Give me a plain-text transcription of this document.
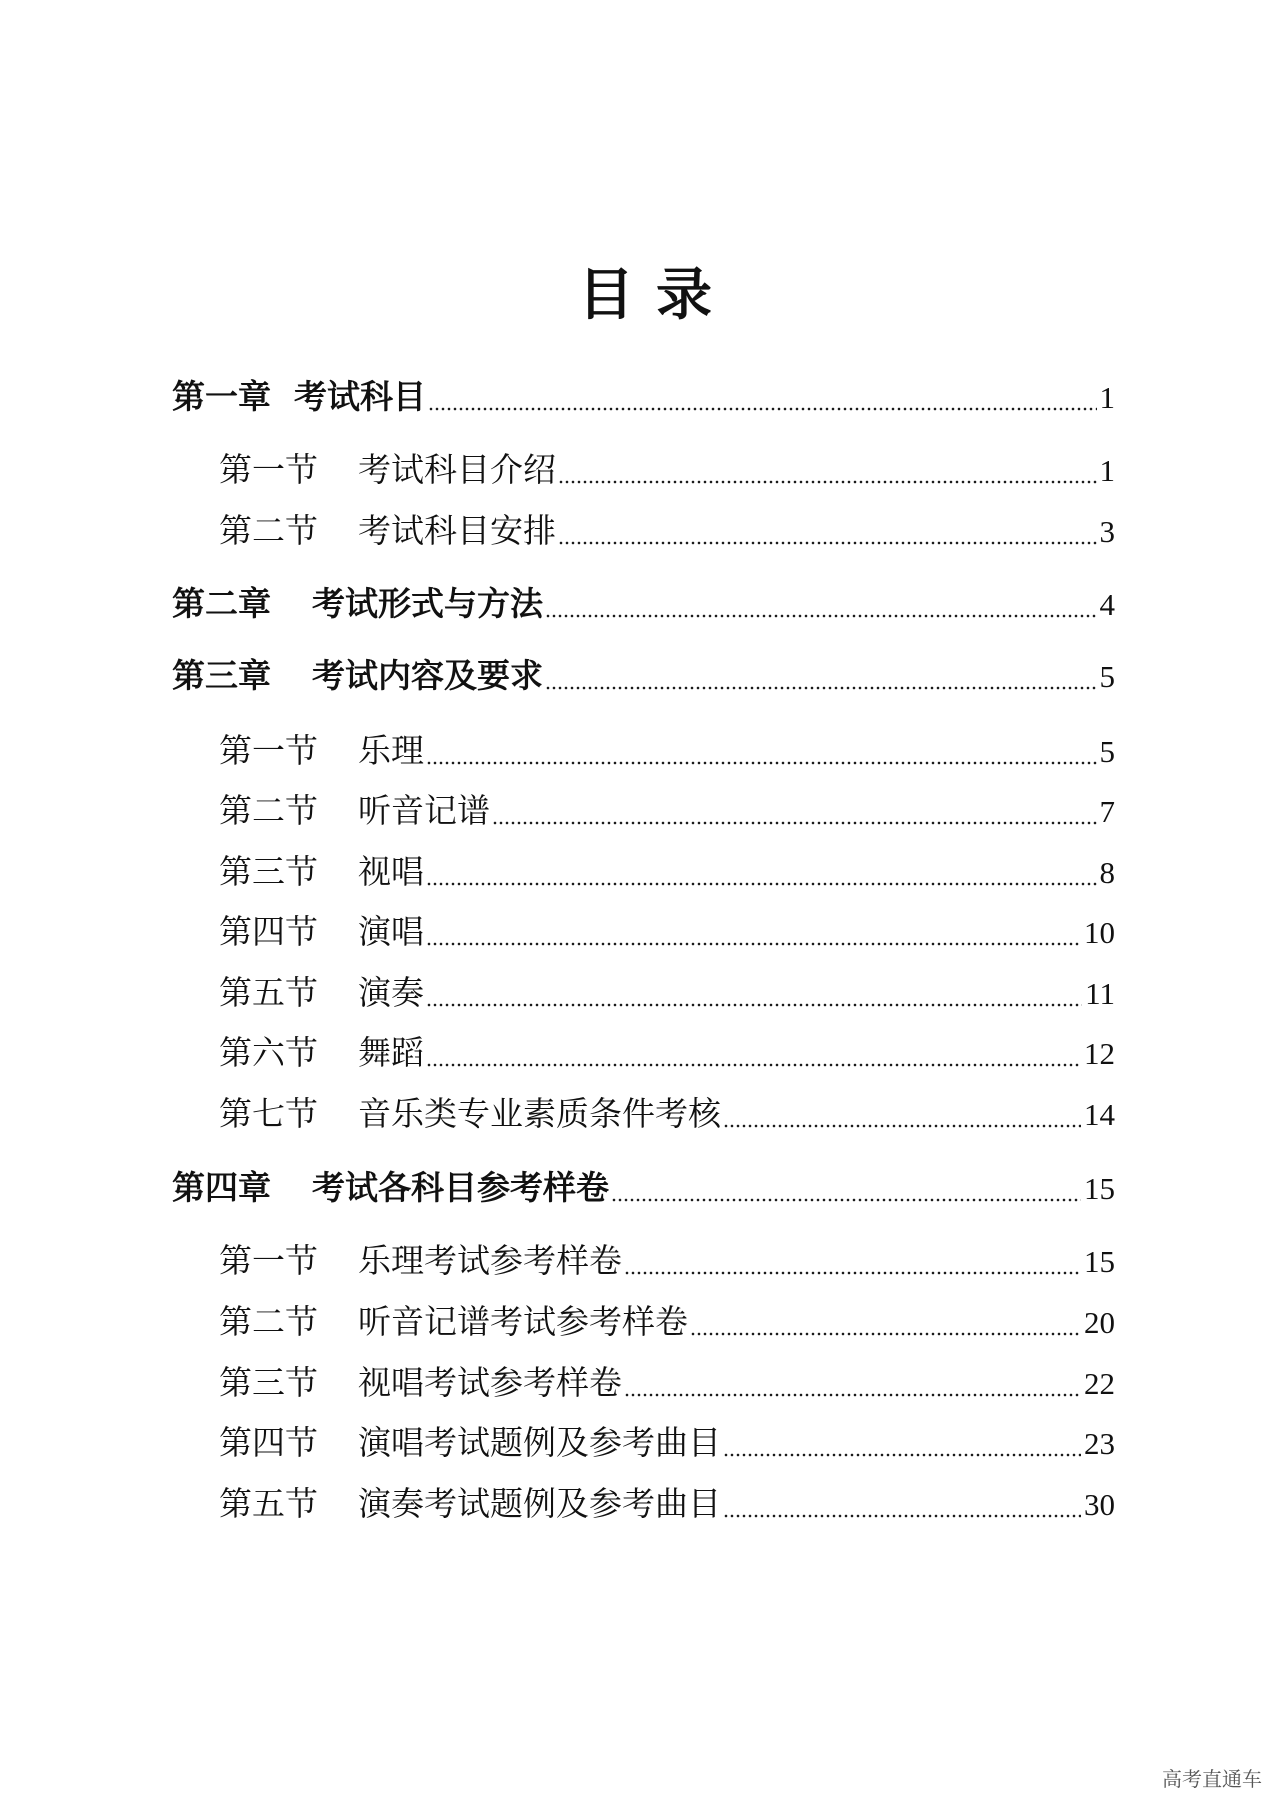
目 录
第一章 考试科目	1
第一节	考试科目介绍	1
第二节	考试科目安排	3
第二章	考试形式与方法	4
第三章	考试内容及要求	5
第一节	乐理	5
第二节	听音记谱	7
第三节	视唱	8
第四节	演唱	10
第五节	演奏	11
第六节	舞蹈	12
第七节	音乐类专业素质条件考核	14
第四章	考试各科目参考样卷	15
第一节	乐理考试参考样卷	15
第二节	听音记谱考试参考样卷	20
第三节	视唱考试参考样卷	22
第四节	演唱考试题例及参考曲目	23
第五节	演奏考试题例及参考曲目	30
高考直通车
